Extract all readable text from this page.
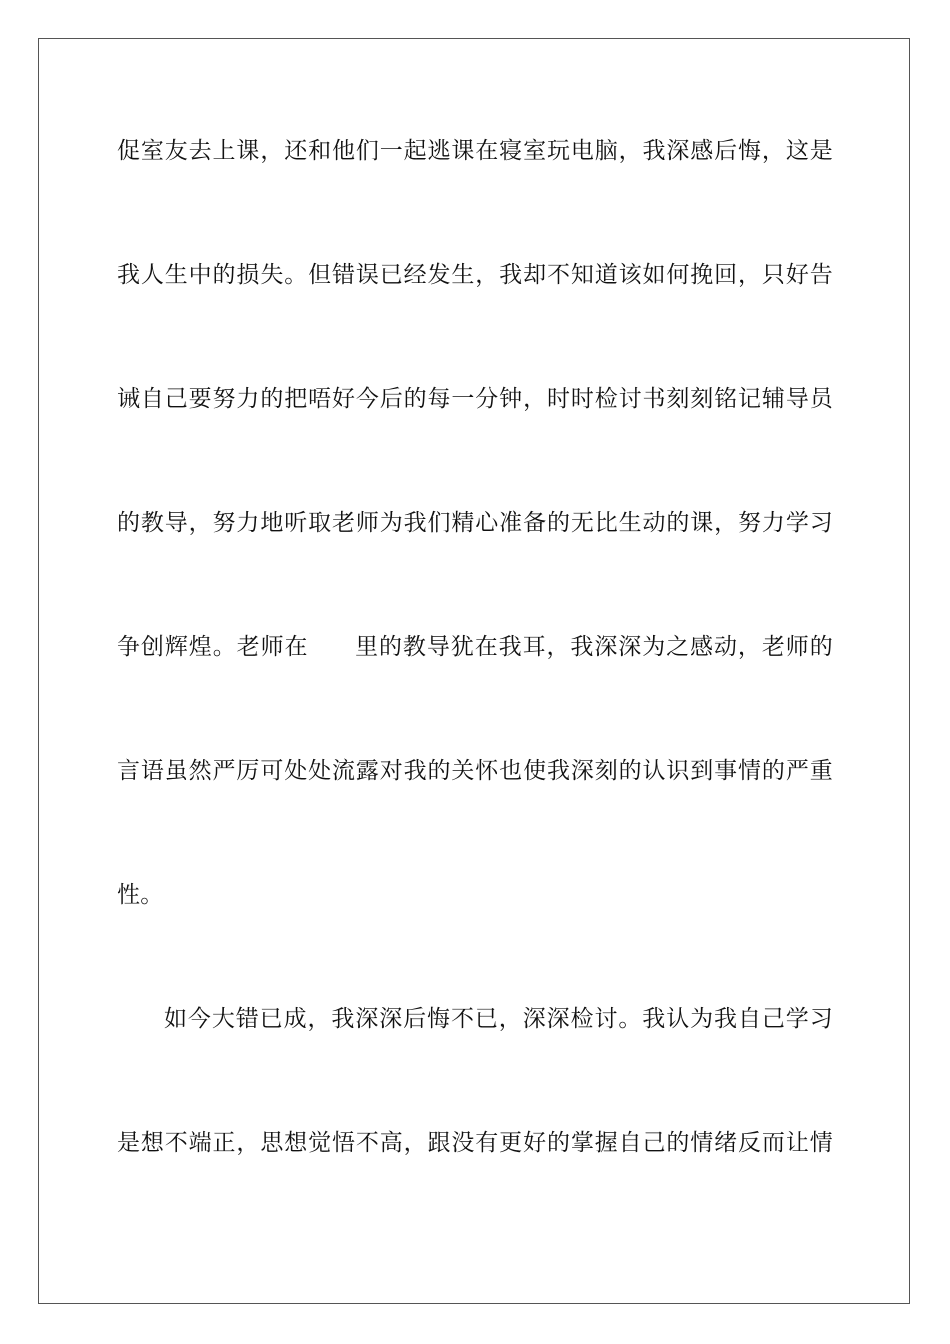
促室友去上课，还和他们一起逃课在寝室玩电脑，我深感后悔，这是
我人生中的损失。但错误已经发生，我却不知道该如何挽回，只好告
诫自己要努力的把唔好今后的每一分钟，时时检讨书刻刻铭记辅导员
的教导，努力地听取老师为我们精心准备的无比生动的课，努力学习
争创辉煌。老师在 里的教导犹在我耳，我深深为之感动，老师的
言语虽然严厉可处处流露对我的关怀也使我深刻的认识到事情的严重
性。
如今大错已成，我深深后悔不已，深深检讨。我认为我自己学习
是想不端正，思想觉悟不高，跟没有更好的掌握自己的情绪反而让情
